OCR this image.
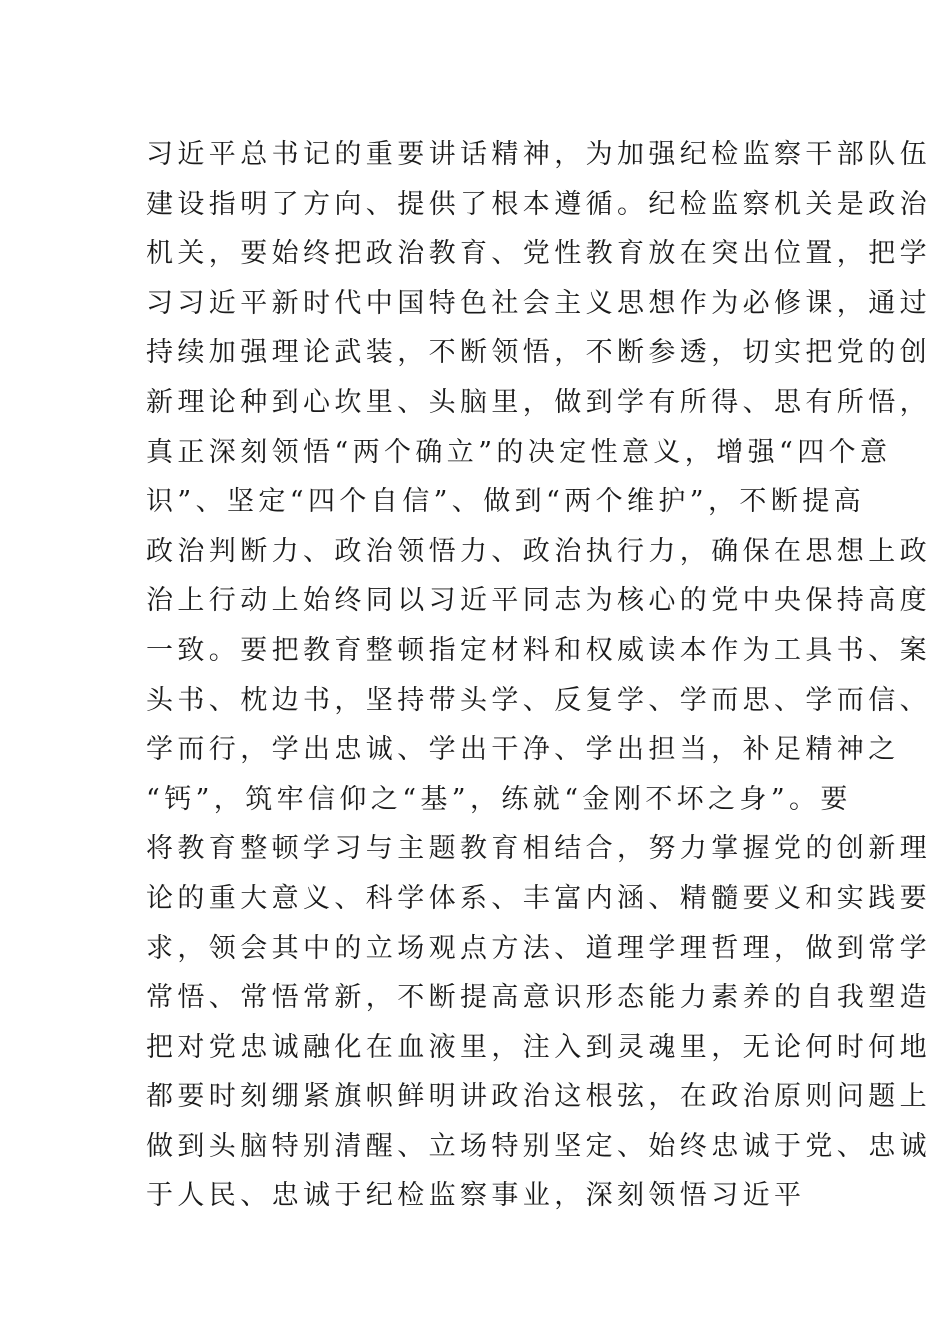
习近平总书记的重要讲话精神，为加强纪检监察干部队伍
建设指明了方向、提供了根本遵循。纪检监察机关是政治
机关，要始终把政治教育、党性教育放在突出位置，把学
习习近平新时代中国特色社会主义思想作为必修课，通过
持续加强理论武装，不断领悟，不断参透，切实把党的创
新理论种到心坎里、头脑里，做到学有所得、思有所悟，
真正深刻领悟“两个确立”的决定性意义，增强“四个意
识”、坚定“四个自信”、做到“两个维护”，不断提高
政治判断力、政治领悟力、政治执行力，确保在思想上政
治上行动上始终同以习近平同志为核心的党中央保持高度
一致。要把教育整顿指定材料和权威读本作为工具书、案
头书、枕边书，坚持带头学、反复学、学而思、学而信、
学而行，学出忠诚、学出干净、学出担当，补足精神之
“钙”，筑牢信仰之“基”，练就“金刚不坏之身”。要
将教育整顿学习与主题教育相结合，努力掌握党的创新理
论的重大意义、科学体系、丰富内涵、精髓要义和实践要
求，领会其中的立场观点方法、道理学理哲理，做到常学
常悟、常悟常新，不断提高意识形态能力素养的自我塑造
把对党忠诚融化在血液里，注入到灵魂里，无论何时何地
都要时刻绷紧旗帜鲜明讲政治这根弦，在政治原则问题上
做到头脑特别清醒、立场特别坚定、始终忠诚于党、忠诚
于人民、忠诚于纪检监察事业，深刻领悟习近平
